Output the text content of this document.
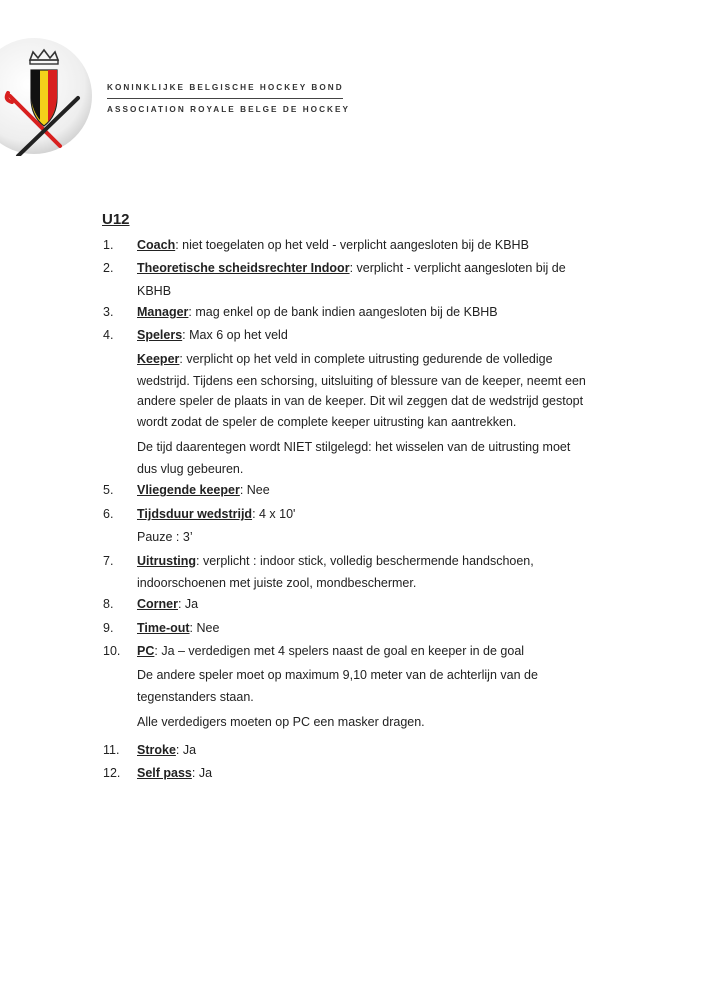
KONINKLIJKE BELGISCHE HOCKEY BOND
ASSOCIATION ROYALE BELGE DE HOCKEY
U12
1. Coach: niet toegelaten op het veld - verplicht aangesloten bij de KBHB
2. Theoretische scheidsrechter Indoor: verplicht - verplicht aangesloten bij de
KBHB
3. Manager: mag enkel op de bank indien aangesloten bij de KBHB
4. Spelers: Max 6 op het veld
Keeper: verplicht op het veld in complete uitrusting gedurende de volledige
wedstrijd. Tijdens een schorsing, uitsluiting of blessure van de keeper, neemt een
andere speler de plaats in van de keeper. Dit wil zeggen dat de wedstrijd gestopt
wordt zodat de speler de complete keeper uitrusting kan aantrekken.
De tijd daarentegen wordt NIET stilgelegd: het wisselen van de uitrusting moet
dus vlug gebeuren.
5. Vliegende keeper: Nee
6. Tijdsduur wedstrijd: 4 x 10'
Pauze : 3’
7. Uitrusting: verplicht : indoor stick, volledig beschermende handschoen,
indoorschoenen met juiste zool, mondbeschermer.
8. Corner: Ja
9. Time-out: Nee
10. PC: Ja – verdedigen met 4 spelers naast de goal en keeper in de goal
De andere speler moet op maximum 9,10 meter van de achterlijn van de
tegenstanders staan.
Alle verdedigers moeten op PC een masker dragen.
11. Stroke: Ja
12. Self pass: Ja
